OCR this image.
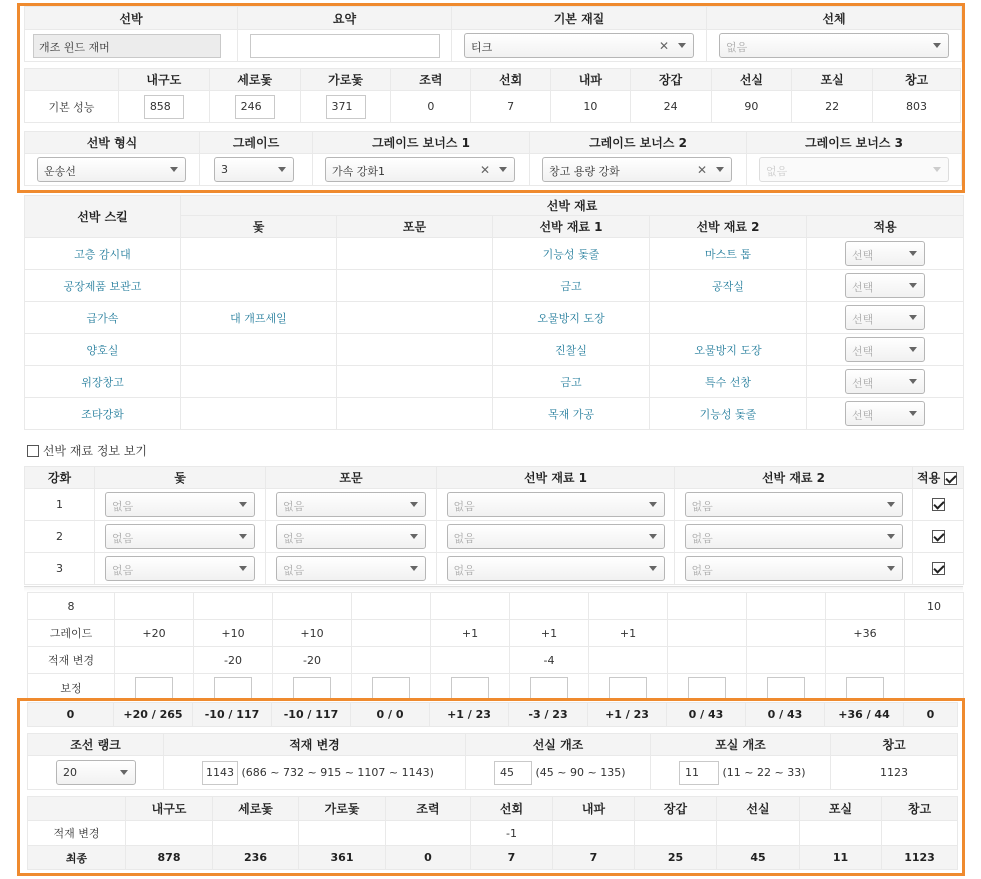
선박	요약	기본 재질	선체
개조 윈드 재머		티크 ✕	없음
	내구도	세로돛	가로돛	조력	선회	내파	장갑	선실	포실	창고
기본 성능	858	246	371	0	7	10	24	90	22	803
선박 형식	그레이드	그레이드 보너스 1	그레이드 보너스 2	그레이드 보너스 3
운송선	3	가속 강화1 ✕	창고 용량 강화 ✕	없음
선박 스킬	선박 재료				
	돛	포문	선박 재료 1	선박 재료 2	적용
고층 감시대			기능성 돛줄	마스트 톱	선택

공장제품 보관고			금고	공작실	선택

급가속	대 개프세일		오물방지 도장		선택

양호실			진찰실	오물방지 도장	선택

위장창고			금고	특수 선창	선택

조타강화			목재 가공	기능성 돛줄	선택
선박 재료 정보 보기
강화	돛	포문	선박 재료 1	선박 재료 2	적용
1	없음	없음	없음	없음

2	없음	없음	없음	없음

3	없음	없음	없음	없음

8											10
그레이드	+20	+10	+10		+1	+1	+1			+36	
적재 변경		-20	-20			-4					
보정											
0	+20 / 265	-10 / 117	-10 / 117	0 / 0	+1 / 23	-3 / 23	+1 / 23	0 / 43	0 / 43	+36 / 44	0
조선 랭크	적재 변경	선실 개조	포실 개조	창고
20	1143 (686 ~ 732 ~ 915 ~ 1107 ~ 1143)	45 (45 ~ 90 ~ 135)	11 (11 ~ 22 ~ 33)	1123
	내구도	세로돛	가로돛	조력	선회	내파	장갑	선실	포실	창고
적재 변경					-1					
최종	878	236	361	0	7	7	25	45	11	1123
